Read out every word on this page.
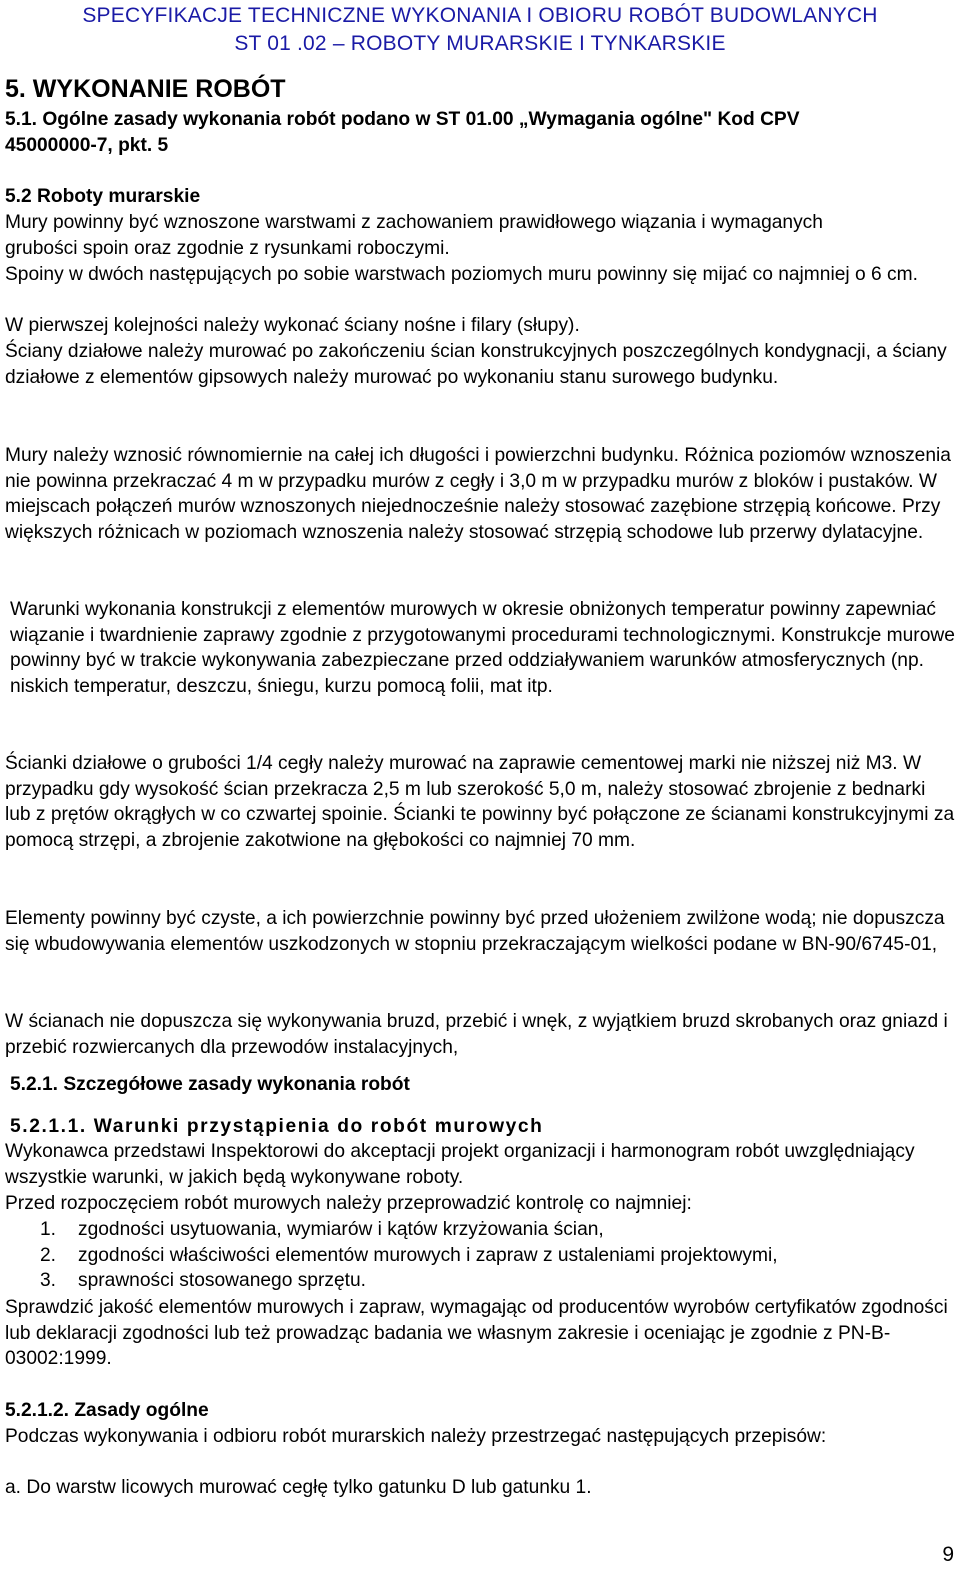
SPECYFIKACJE TECHNICZNE WYKONANIA I OBIORU ROBÓT BUDOWLANYCH
ST 01 .02 – ROBOTY MURARSKIE I TYNKARSKIE
5. WYKONANIE ROBÓT

5.1. Ogólne zasady wykonania robót podano w ST 01.00 „Wymagania ogólne" Kod CPV

45000000-7, pkt. 5

5.2 Roboty murarskie
Mury powinny być wznoszone warstwami z zachowaniem prawidłowego wiązania i wymaganych grubości spoin oraz zgodnie z rysunkami roboczymi.
Spoiny w dwóch następujących po sobie warstwach poziomych muru powinny się mijać co najmniej o 6 cm.
W pierwszej kolejności należy wykonać ściany nośne i filary (słupy).
Ściany działowe należy murować po zakończeniu ścian konstrukcyjnych poszczególnych kondygnacji, a ściany działowe z elementów gipsowych należy murować po wykonaniu stanu surowego budynku.
Mury należy wznosić równomiernie na całej ich długości i powierzchni budynku. Różnica poziomów wznoszenia nie powinna przekraczać 4 m w przypadku murów z cegły i 3,0 m w przypadku murów z bloków i pustaków. W miejscach połączeń murów wznoszonych niejednocześnie należy stosować zazębione strzępią końcowe. Przy większych różnicach w poziomach wznoszenia należy stosować strzępią schodowe lub przerwy dylatacyjne.
Warunki wykonania konstrukcji z elementów murowych w okresie obniżonych temperatur powinny zapewniać wiązanie i twardnienie zaprawy zgodnie z przygotowanymi procedurami technologicznymi. Konstrukcje murowe powinny być w trakcie wykonywania zabezpieczane przed oddziaływaniem warunków atmosferycznych (np. niskich temperatur, deszczu, śniegu, kurzu pomocą folii, mat itp.
Ścianki działowe o grubości 1/4 cegły należy murować na zaprawie cementowej marki nie niższej niż M3. W przypadku gdy wysokość ścian przekracza 2,5 m lub szerokość 5,0 m, należy stosować zbrojenie z bednarki lub z prętów okrągłych w co czwartej spoinie. Ścianki te powinny być połączone ze ścianami konstrukcyjnymi za pomocą strzępi, a zbrojenie zakotwione na głębokości co najmniej 70 mm.
Elementy powinny być czyste, a ich powierzchnie powinny być przed ułożeniem zwilżone wodą; nie dopuszcza się wbudowywania elementów uszkodzonych w stopniu przekraczającym wielkości podane w BN-90/6745-01,
W ścianach nie dopuszcza się wykonywania bruzd, przebić i wnęk, z wyjątkiem bruzd skrobanych oraz gniazd i przebić rozwiercanych dla przewodów instalacyjnych,
5.2.1. Szczegółowe zasady wykonania robót
5.2.1.1. Warunki przystąpienia do robót murowych
Wykonawca przedstawi Inspektorowi do akceptacji projekt organizacji i harmonogram robót uwzględniający wszystkie warunki, w jakich będą wykonywane roboty.
Przed rozpoczęciem robót murowych należy przeprowadzić kontrolę co najmniej:
1. zgodności usytuowania, wymiarów i kątów krzyżowania ścian,
2. zgodności właściwości elementów murowych i zapraw z ustaleniami projektowymi,
3. sprawności stosowanego sprzętu.
Sprawdzić jakość elementów murowych i zapraw, wymagając od producentów wyrobów certyfikatów zgodności lub deklaracji zgodności lub też prowadząc badania we własnym zakresie i oceniając je zgodnie z PN-B-03002:1999.
5.2.1.2. Zasady ogólne
Podczas wykonywania i odbioru robót murarskich należy przestrzegać następujących przepisów:
a. Do warstw licowych murować cegłę tylko gatunku D lub gatunku 1.
9
